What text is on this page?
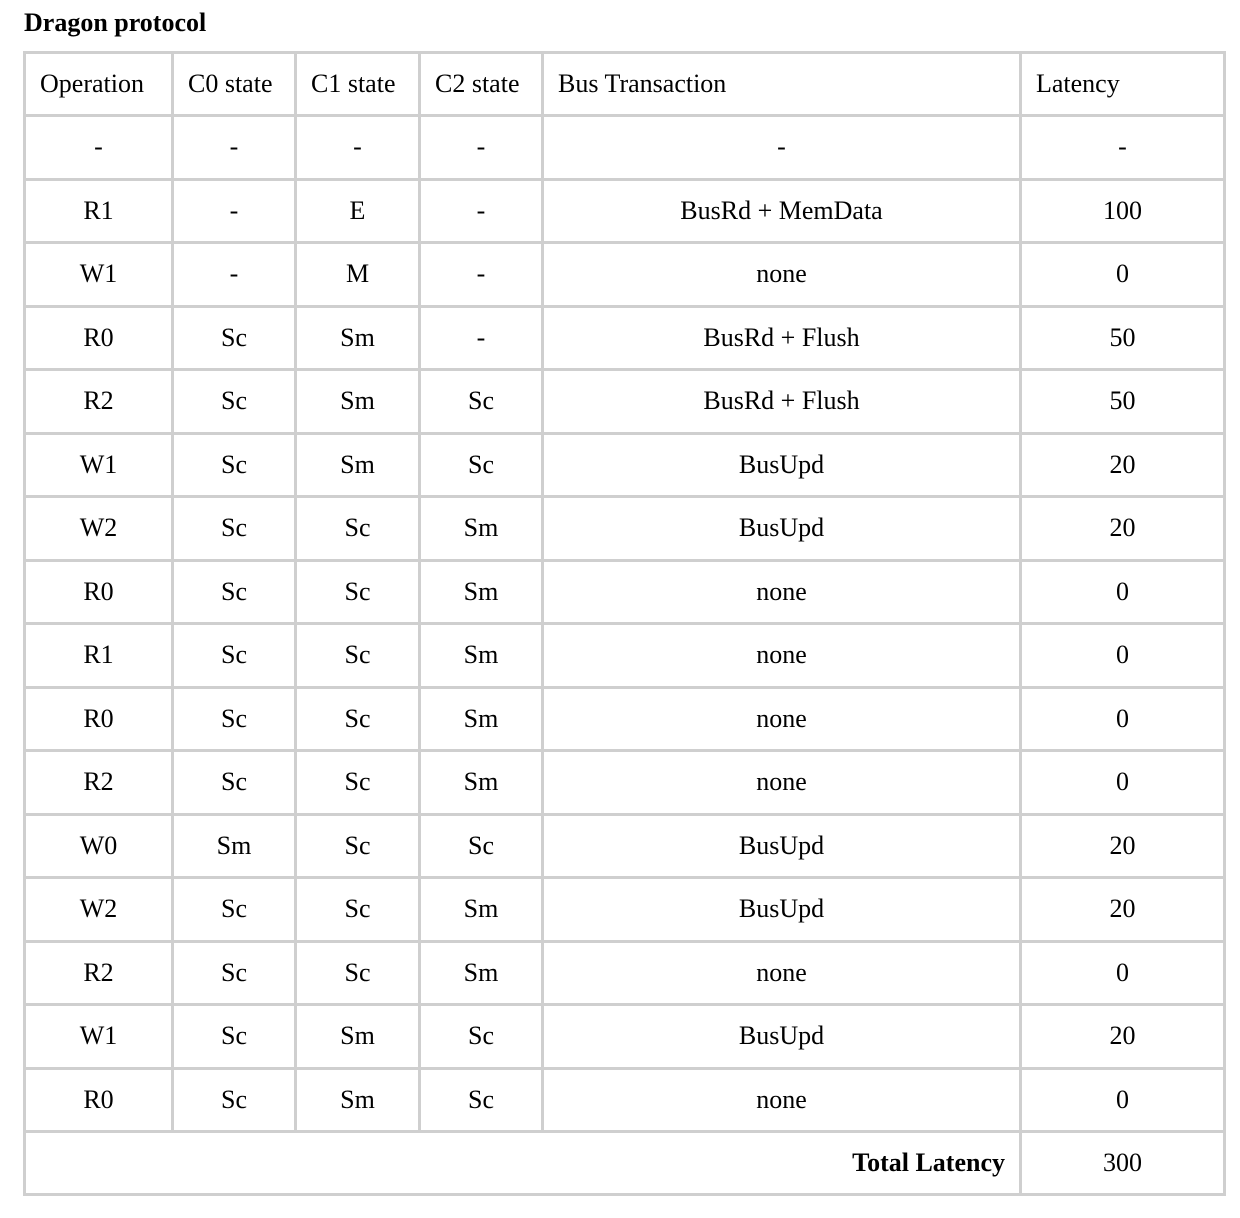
Dragon protocol
Operation	C0 state	C1 state	C2 state	Bus Transaction	Latency
-	-	-	-	-	-
R1	-	E	-	BusRd + MemData	100
W1	-	M	-	none	0
R0	Sc	Sm	-	BusRd + Flush	50
R2	Sc	Sm	Sc	BusRd + Flush	50
W1	Sc	Sm	Sc	BusUpd	20
W2	Sc	Sc	Sm	BusUpd	20
R0	Sc	Sc	Sm	none	0
R1	Sc	Sc	Sm	none	0
R0	Sc	Sc	Sm	none	0
R2	Sc	Sc	Sm	none	0
W0	Sm	Sc	Sc	BusUpd	20
W2	Sc	Sc	Sm	BusUpd	20
R2	Sc	Sc	Sm	none	0
W1	Sc	Sm	Sc	BusUpd	20
R0	Sc	Sm	Sc	none	0
Total Latency					300
